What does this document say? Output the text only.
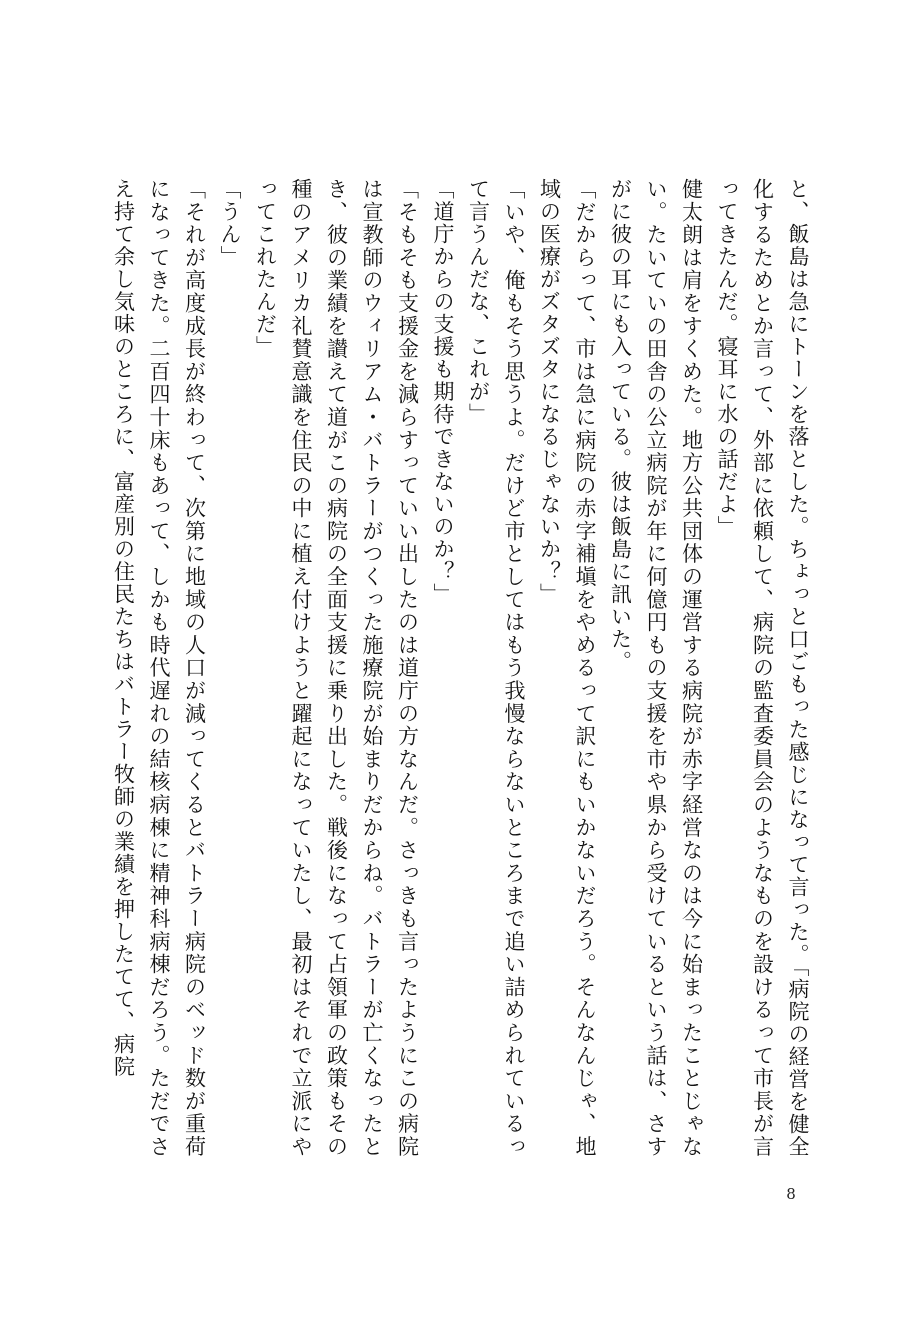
と、飯島は急にトーンを落とした。ちょっと口ごもった感じになって言った。「病院の経営を健全化するためとか言って、外部に依頼して、病院の監査委員会のようなものを設けるって市長が言ってきたんだ。寝耳に水の話だよ」

健太朗は肩をすくめた。地方公共団体の運営する病院が赤字経営なのは今に始まったことじゃない。たいていの田舎の公立病院が年に何億円もの支援を市や県から受けているという話は、さすがに彼の耳にも入っている。彼は飯島に訊いた。

「だからって、市は急に病院の赤字補塡をやめるって訳にもいかないだろう。そんなんじゃ、地域の医療がズタズタになるじゃないか？」

「いや、俺もそう思うよ。だけど市としてはもう我慢ならないところまで追い詰められているって言うんだな、これが」

「道庁からの支援も期待できないのか？」

「そもそも支援金を減らすっていい出したのは道庁の方なんだ。さっきも言ったようにこの病院は宣教師のウィリアム・バトラーがつくった施療院が始まりだからね。バトラーが亡くなったとき、彼の業績を讃えて道がこの病院の全面支援に乗り出した。戦後になって占領軍の政策もその種のアメリカ礼賛意識を住民の中に植え付けようと躍起になっていたし、最初はそれで立派にやってこれたんだ」

「うん」

「それが高度成長が終わって、次第に地域の人口が減ってくるとバトラー病院のベッド数が重荷になってきた。二百四十床もあって、しかも時代遅れの結核病棟に精神科病棟だろう。ただでさえ持て余し気味のところに、富産別の住民たちはバトラー牧師の業績を押したてて、病院

8
